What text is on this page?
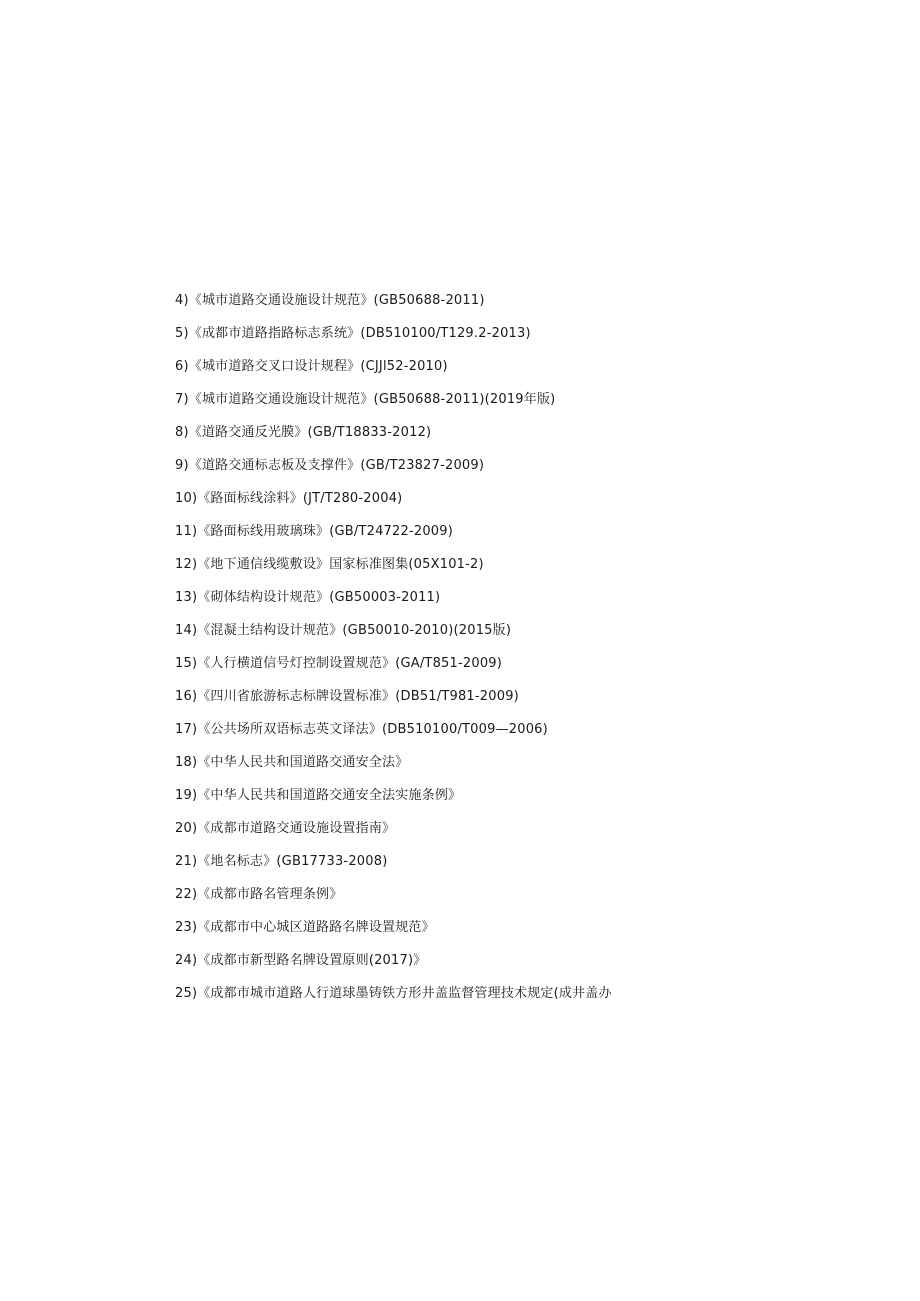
4)《城市道路交通设施设计规范》(GB50688-2011)
5)《成都市道路指路标志系统》(DB510100/T129.2-2013)
6)《城市道路交叉口设计规程》(CJJl52-2010)
7)《城市道路交通设施设计规范》(GB50688-2011)(2019年版)
8)《道路交通反光膜》(GB/T18833-2012)
9)《道路交通标志板及支撑件》(GB/T23827-2009)
10)《路面标线涂料》(JT/T280-2004)
11)《路面标线用玻璃珠》(GB/T24722-2009)
12)《地下通信线缆敷设》国家标准图集(05X101-2)
13)《砌体结构设计规范》(GB50003-2011)
14)《混凝土结构设计规范》(GB50010-2010)(2015版)
15)《人行横道信号灯控制设置规范》(GA/T851-2009)
16)《四川省旅游标志标牌设置标准》(DB51/T981-2009)
17)《公共场所双语标志英文译法》(DB510100/T009—2006)
18)《中华人民共和国道路交通安全法》
19)《中华人民共和国道路交通安全法实施条例》
20)《成都市道路交通设施设置指南》
21)《地名标志》(GB17733-2008)
22)《成都市路名管理条例》
23)《成都市中心城区道路路名牌设置规范》
24)《成都市新型路名牌设置原则(2017)》
25)《成都市城市道路人行道球墨铸铁方形井盖监督管理技术规定(成井盖办
